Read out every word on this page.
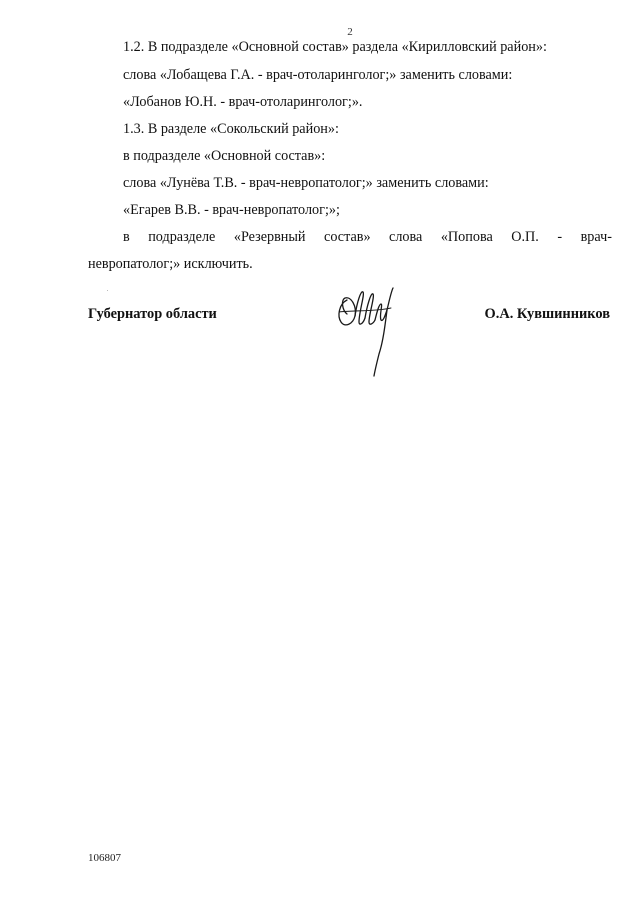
2
1.2. В подразделе «Основной состав» раздела «Кирилловский район»:
слова «Лобащева Г.А. - врач-отоларинголог;» заменить словами:
«Лобанов Ю.Н. - врач-отоларинголог;».
1.3. В разделе «Сокольский район»:
в подразделе «Основной состав»:
слова «Лунёва Т.В. - врач-невропатолог;» заменить словами:
«Егарев В.В. - врач-невропатолог;»;
в подразделе «Резервный состав» слова «Попова О.П. - врач-
невропатолог;» исключить.
Губернатор области	О.А. Кувшинников
106807
